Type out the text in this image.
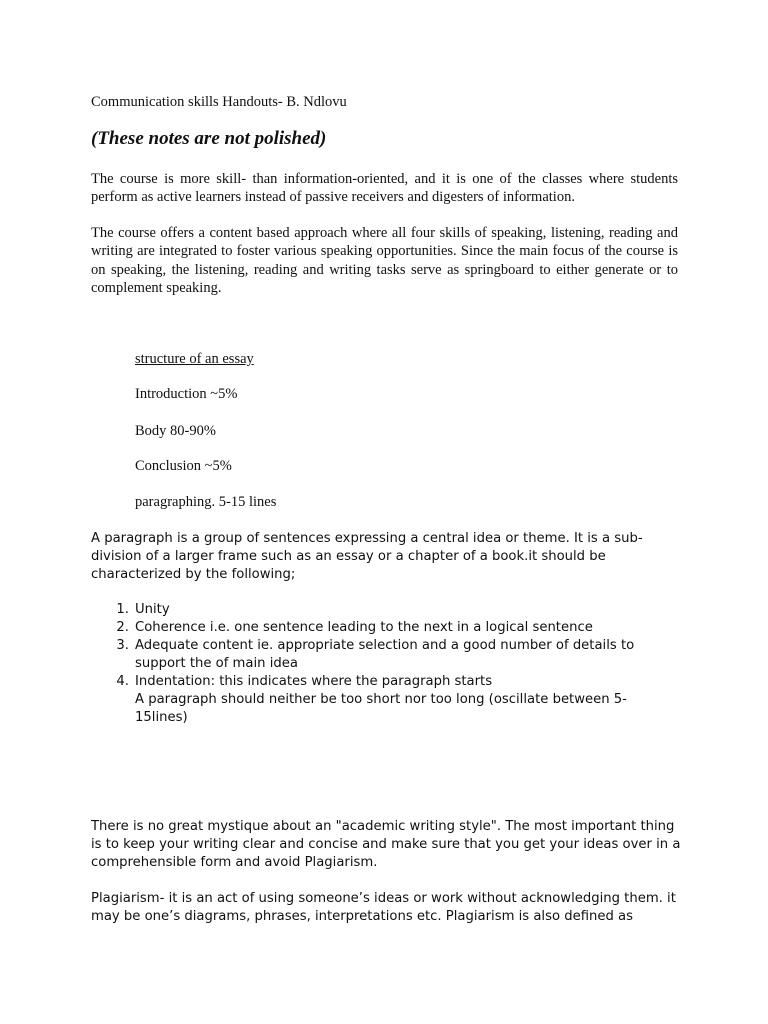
Communication skills Handouts- B. Ndlovu

(These notes are not polished)

The course is more skill- than information-oriented, and it is one of the classes where students perform as active learners instead of passive receivers and digesters of information.

The course offers a content based approach where all four skills of speaking, listening, reading and writing are integrated to foster various speaking opportunities. Since the main focus of the course is on speaking, the listening, reading and writing tasks serve as springboard to either generate or to complement speaking.

structure of an essay

Introduction ~5%

Body 80-90%

Conclusion ~5%

paragraphing. 5-15 lines

A paragraph is a group of sentences expressing a central idea or theme. It is a sub-division of a larger frame such as an essay or a chapter of a book.it should be characterized by the following;

1. Unity
2. Coherence i.e. one sentence leading to the next in a logical sentence
3. Adequate content ie. appropriate selection and a good number of details to support the of main idea
4. Indentation: this indicates where the paragraph starts
A paragraph should neither be too short nor too long (oscillate between 5-15lines)

There is no great mystique about an "academic writing style". The most important thing is to keep your writing clear and concise and make sure that you get your ideas over in a comprehensible form and avoid Plagiarism.

Plagiarism- it is an act of using someone’s ideas or work without acknowledging them. it may be one’s diagrams, phrases, interpretations etc. Plagiarism is also defined as
